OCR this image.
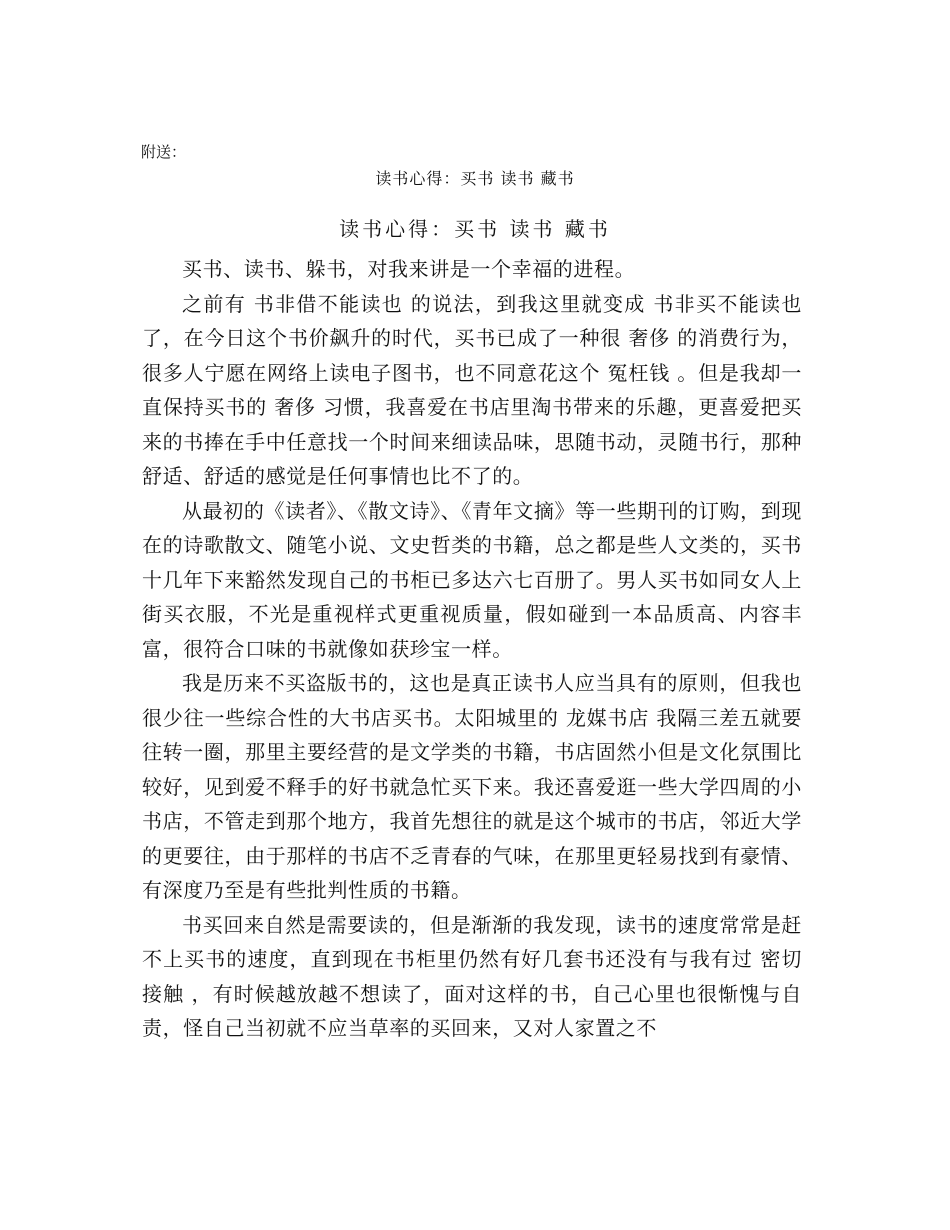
附送：
读书心得：买书 读书 藏书
读书心得：买书 读书 藏书

买书、读书、躲书，对我来讲是一个幸福的进程。

之前有 书非借不能读也 的说法，到我这里就变成 书非买不能读也 了，在今日这个书价飙升的时代，买书已成了一种很 奢侈 的消费行为，很多人宁愿在网络上读电子图书，也不同意花这个 冤枉钱 。但是我却一直保持买书的 奢侈 习惯，我喜爱在书店里淘书带来的乐趣，更喜爱把买来的书捧在手中任意找一个时间来细读品味，思随书动，灵随书行，那种舒适、舒适的感觉是任何事情也比不了的。

从最初的《读者》、《散文诗》、《青年文摘》等一些期刊的订购，到现在的诗歌散文、随笔小说、文史哲类的书籍，总之都是些人文类的，买书十几年下来豁然发现自己的书柜已多达六七百册了。男人买书如同女人上街买衣服，不光是重视样式更重视质量，假如碰到一本品质高、内容丰富，很符合口味的书就像如获珍宝一样。

我是历来不买盗版书的，这也是真正读书人应当具有的原则，但我也很少往一些综合性的大书店买书。太阳城里的 龙媒书店 我隔三差五就要往转一圈，那里主要经营的是文学类的书籍，书店固然小但是文化氛围比较好，见到爱不释手的好书就急忙买下来。我还喜爱逛一些大学四周的小书店，不管走到那个地方，我首先想往的就是这个城市的书店，邻近大学的更要往，由于那样的书店不乏青春的气味，在那里更轻易找到有豪情、有深度乃至是有些批判性质的书籍。

书买回来自然是需要读的，但是渐渐的我发现，读书的速度常常是赶不上买书的速度，直到现在书柜里仍然有好几套书还没有与我有过 密切接触 ，有时候越放越不想读了，面对这样的书，自己心里也很惭愧与自责，怪自己当初就不应当草率的买回来，又对人家置之不
